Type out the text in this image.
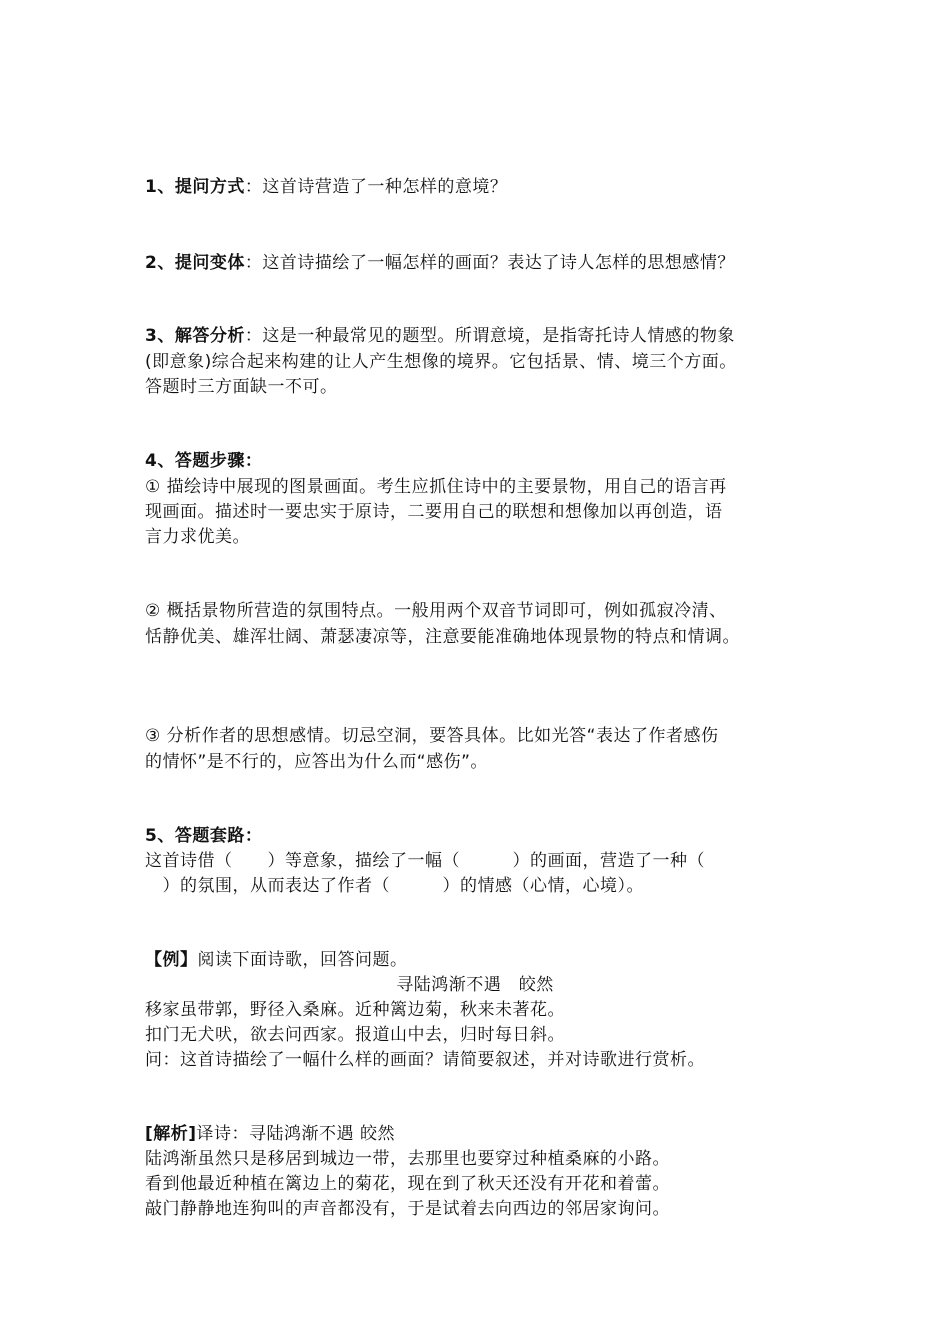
1、提问方式：这首诗营造了一种怎样的意境？
2、提问变体：这首诗描绘了一幅怎样的画面？表达了诗人怎样的思想感情？
3、解答分析：这是一种最常见的题型。所谓意境，是指寄托诗人情感的物象
(即意象)综合起来构建的让人产生想像的境界。它包括景、情、境三个方面。
答题时三方面缺一不可。
4、答题步骤：
① 描绘诗中展现的图景画面。考生应抓住诗中的主要景物，用自己的语言再
现画面。描述时一要忠实于原诗，二要用自己的联想和想像加以再创造，语
言力求优美。
② 概括景物所营造的氛围特点。一般用两个双音节词即可，例如孤寂冷清、
恬静优美、雄浑壮阔、萧瑟凄凉等，注意要能准确地体现景物的特点和情调。
③ 分析作者的思想感情。切忌空洞，要答具体。比如光答“表达了作者感伤
的情怀”是不行的，应答出为什么而“感伤”。
5、答题套路：
这首诗借（　　）等意象，描绘了一幅（　　　）的画面，营造了一种（
　）的氛围，从而表达了作者（　　　）的情感（心情，心境）。
【例】阅读下面诗歌，回答问题。
寻陆鸿渐不遇　皎然
移家虽带郭，野径入桑麻。近种篱边菊，秋来未著花。
扣门无犬吠，欲去问西家。报道山中去，归时每日斜。
问：这首诗描绘了一幅什么样的画面？请简要叙述，并对诗歌进行赏析。
[解析]译诗：寻陆鸿渐不遇 皎然
陆鸿渐虽然只是移居到城边一带，去那里也要穿过种植桑麻的小路。
看到他最近种植在篱边上的菊花，现在到了秋天还没有开花和着蕾。
敲门静静地连狗叫的声音都没有，于是试着去向西边的邻居家询问。
